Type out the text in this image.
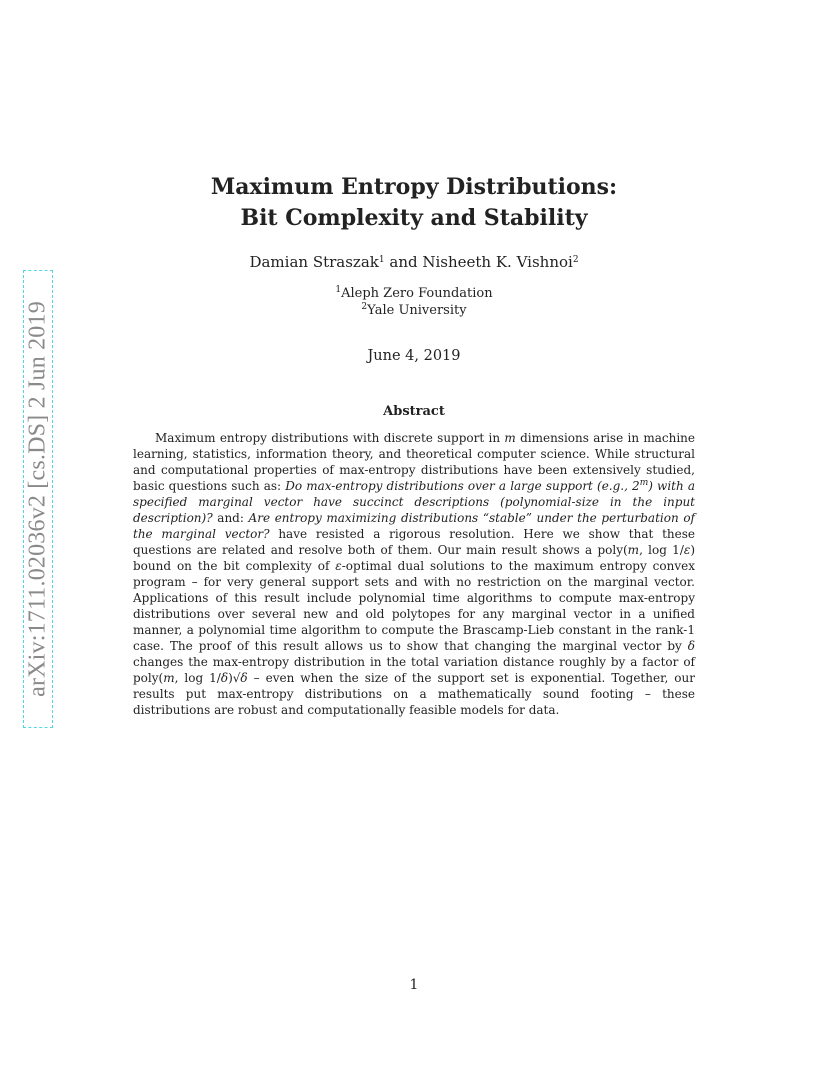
arXiv:1711.02036v2 [cs.DS] 2 Jun 2019
Maximum Entropy Distributions:
Bit Complexity and Stability
Damian Straszak$^1$ and Nisheeth K. Vishnoi$^2$
$^1$Aleph Zero Foundation
$^2$Yale University
June 4, 2019
Abstract

Maximum entropy distributions with discrete support in m dimensions arise in machine learning, statistics, information theory, and theoretical computer science. While structural and computational properties of max-entropy distributions have been extensively studied, basic questions such as: Do max-entropy distributions over a large support (e.g., 2$^m$) with a specified marginal vector have succinct descriptions (polynomial-size in the input description)? and: Are entropy maximizing distributions “stable” under the perturbation of the marginal vector? have resisted a rigorous resolution. Here we show that these questions are related and resolve both of them. Our main result shows a poly(m, log 1/ε) bound on the bit complexity of ε-optimal dual solutions to the maximum entropy convex program – for very general support sets and with no restriction on the marginal vector. Applications of this result include polynomial time algorithms to compute max-entropy distributions over several new and old polytopes for any marginal vector in a unified manner, a polynomial time algorithm to compute the Brascamp-Lieb constant in the rank-1 case. The proof of this result allows us to show that changing the marginal vector by δ changes the max-entropy distribution in the total variation distance roughly by a factor of poly(m, log 1/δ)√δ – even when the size of the support set is exponential. Together, our results put max-entropy distributions on a mathematically sound footing – these distributions are robust and computationally feasible models for data.

1
